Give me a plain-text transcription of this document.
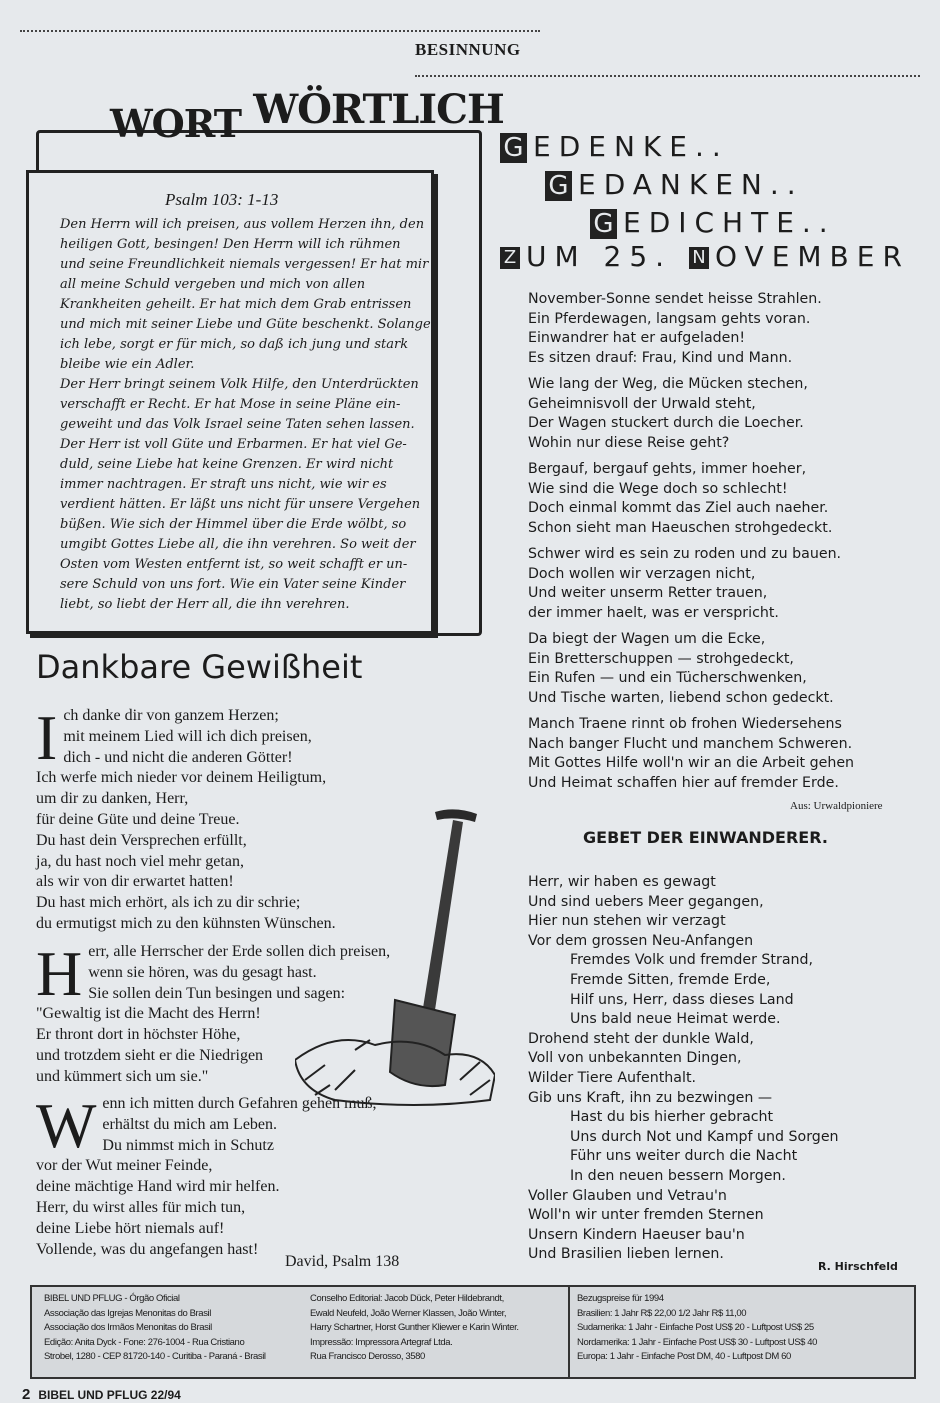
BESINNUNG
WORT WÖRTLICH
Psalm 103: 1-13
Den Herrn will ich preisen, aus vollem Herzen ihn, den
heiligen Gott, besingen! Den Herrn will ich rühmen
und seine Freundlichkeit niemals vergessen! Er hat mir
all meine Schuld vergeben und mich von allen
Krankheiten geheilt. Er hat mich dem Grab entrissen
und mich mit seiner Liebe und Güte beschenkt. Solange
ich lebe, sorgt er für mich, so daß ich jung und stark
bleibe wie ein Adler.
Der Herr bringt seinem Volk Hilfe, den Unterdrückten
verschafft er Recht. Er hat Mose in seine Pläne ein-
geweiht und das Volk Israel seine Taten sehen lassen.
Der Herr ist voll Güte und Erbarmen. Er hat viel Ge-
duld, seine Liebe hat keine Grenzen. Er wird nicht
immer nachtragen. Er straft uns nicht, wie wir es
verdient hätten. Er läßt uns nicht für unsere Vergehen
büßen. Wie sich der Himmel über die Erde wölbt, so
umgibt Gottes Liebe all, die ihn verehren. So weit der
Osten vom Westen entfernt ist, so weit schafft er un-
sere Schuld von uns fort. Wie ein Vater seine Kinder
liebt, so liebt der Herr all, die ihn verehren.
Dankbare Gewißheit
I ch danke dir von ganzem Herzen;
mit meinem Lied will ich dich preisen,
dich - und nicht die anderen Götter!
Ich werfe mich nieder vor deinem Heiligtum,
um dir zu danken, Herr,
für deine Güte und deine Treue.
Du hast dein Versprechen erfüllt,
ja, du hast noch viel mehr getan,
als wir von dir erwartet hatten!
Du hast mich erhört, als ich zu dir schrie;
du ermutigst mich zu den kühnsten Wünschen.
H err, alle Herrscher der Erde sollen dich preisen,
wenn sie hören, was du gesagt hast.
Sie sollen dein Tun besingen und sagen:
"Gewaltig ist die Macht des Herrn!
Er thront dort in höchster Höhe,
und trotzdem sieht er die Niedrigen
und kümmert sich um sie."
W enn ich mitten durch Gefahren gehen muß,
erhältst du mich am Leben.
Du nimmst mich in Schutz
vor der Wut meiner Feinde,
deine mächtige Hand wird mir helfen.
Herr, du wirst alles für mich tun,
deine Liebe hört niemals auf!
Vollende, was du angefangen hast!
David, Psalm 138
G EDENKE..
G EDANKEN..
G EDICHTE..
Z UM 25. N OVEMBER
November-Sonne sendet heisse Strahlen.
Ein Pferdewagen, langsam gehts voran.
Einwandrer hat er aufgeladen!
Es sitzen drauf: Frau, Kind und Mann.
Wie lang der Weg, die Mücken stechen,
Geheimnisvoll der Urwald steht,
Der Wagen stuckert durch die Loecher.
Wohin nur diese Reise geht?
Bergauf, bergauf gehts, immer hoeher,
Wie sind die Wege doch so schlecht!
Doch einmal kommt das Ziel auch naeher.
Schon sieht man Haeuschen strohgedeckt.
Schwer wird es sein zu roden und zu bauen.
Doch wollen wir verzagen nicht,
Und weiter unserm Retter trauen,
der immer haelt, was er verspricht.
Da biegt der Wagen um die Ecke,
Ein Bretterschuppen — strohgedeckt,
Ein Rufen — und ein Tücherschwenken,
Und Tische warten, liebend schon gedeckt.
Manch Traene rinnt ob frohen Wiedersehens
Nach banger Flucht und manchem Schweren.
Mit Gottes Hilfe woll'n wir an die Arbeit gehen
Und Heimat schaffen hier auf fremder Erde.
Aus: Urwaldpioniere
GEBET DER EINWANDERER.
Herr, wir haben es gewagt
Und sind uebers Meer gegangen,
Hier nun stehen wir verzagt
Vor dem grossen Neu-Anfangen
Fremdes Volk und fremder Strand,
Fremde Sitten, fremde Erde,
Hilf uns, Herr, dass dieses Land
Uns bald neue Heimat werde.
Drohend steht der dunkle Wald,
Voll von unbekannten Dingen,
Wilder Tiere Aufenthalt.
Gib uns Kraft, ihn zu bezwingen —
Hast du bis hierher gebracht
Uns durch Not und Kampf und Sorgen
Führ uns weiter durch die Nacht
In den neuen bessern Morgen.
Voller Glauben und Vetrau'n
Woll'n wir unter fremden Sternen
Unsern Kindern Haeuser bau'n
Und Brasilien lieben lernen.
R. Hirschfeld
BIBEL UND PFLUG - Órgão Oficial
Associação das Igrejas Menonitas do Brasil
Associação dos Irmãos Menonitas do Brasil
Edição: Anita Dyck - Fone: 276-1004 - Rua Cristiano
Strobel, 1280 - CEP 81720-140 - Curitiba - Paraná - Brasil
Conselho Editorial: Jacob Dück, Peter Hildebrandt,
Ewald Neufeld, João Werner Klassen, João Winter,
Harry Schartner, Horst Gunther Kliewer e Karin Winter.
Impressão: Impressora Artegraf Ltda.
Rua Francisco Derosso, 3580
Bezugspreise für 1994
Brasilien: 1 Jahr R$ 22,00 1/2 Jahr R$ 11,00
Sudamerika: 1 Jahr - Einfache Post US$ 20 - Luftpost US$ 25
Nordamerika: 1 Jahr - Einfache Post US$ 30 - Luftpost US$ 40
Europa: 1 Jahr - Einfache Post DM, 40 - Luftpost DM 60
2 BIBEL UND PFLUG 22/94
